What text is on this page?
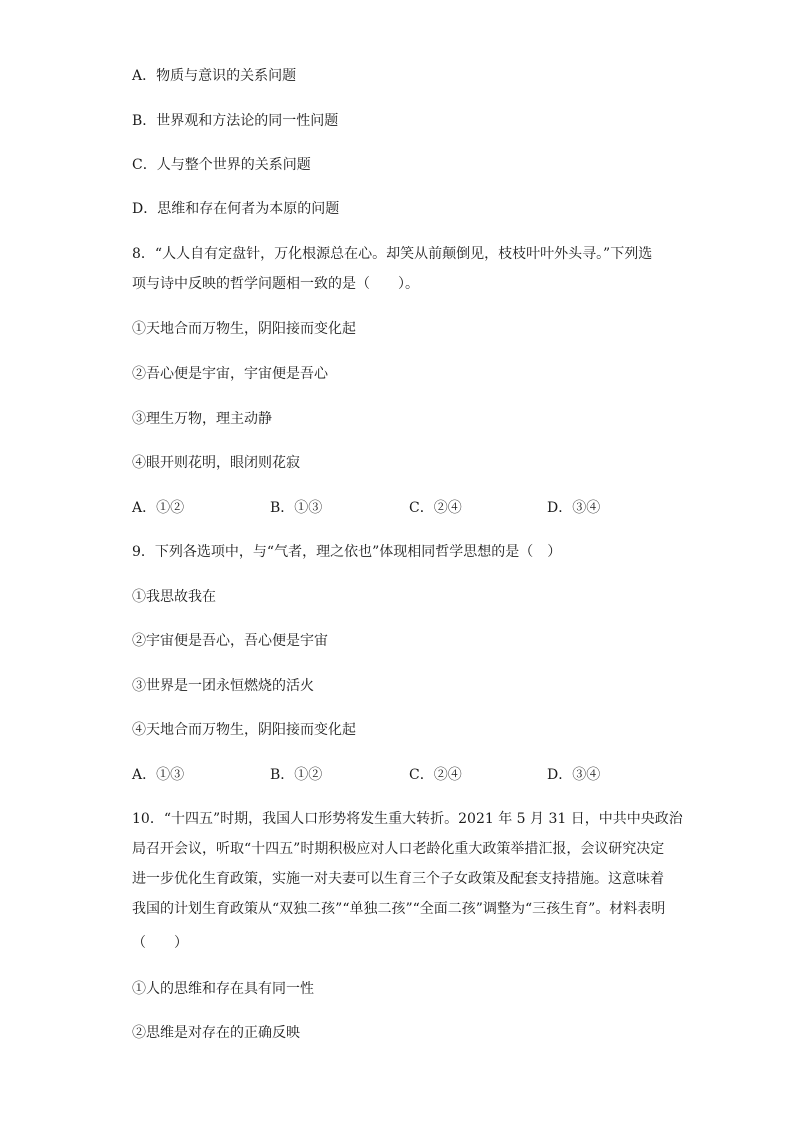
A．物质与意识的关系问题
B．世界观和方法论的同一性问题
C．人与整个世界的关系问题
D．思维和存在何者为本原的问题
8．“人人自有定盘针，万化根源总在心。却笑从前颠倒见，枝枝叶叶外头寻。”下列选
项与诗中反映的哲学问题相一致的是（　　）。
①天地合而万物生，阴阳接而变化起
②吾心便是宇宙，宇宙便是吾心
③理生万物，理主动静
④眼开则花明，眼闭则花寂
A．①②	B．①③	C．②④	D．③④
9．下列各选项中，与“气者，理之依也”体现相同哲学思想的是（　）
①我思故我在
②宇宙便是吾心，吾心便是宇宙
③世界是一团永恒燃烧的活火
④天地合而万物生，阴阳接而变化起
A．①③	B．①②	C．②④	D．③④
10．“十四五”时期，我国人口形势将发生重大转折。2021 年 5 月 31 日，中共中央政治
局召开会议，听取“十四五”时期积极应对人口老龄化重大政策举措汇报，会议研究决定
进一步优化生育政策，实施一对夫妻可以生育三个子女政策及配套支持措施。这意味着
我国的计划生育政策从“双独二孩”“单独二孩”“全面二孩”调整为“三孩生育”。材料表明
（　　）
①人的思维和存在具有同一性
②思维是对存在的正确反映
